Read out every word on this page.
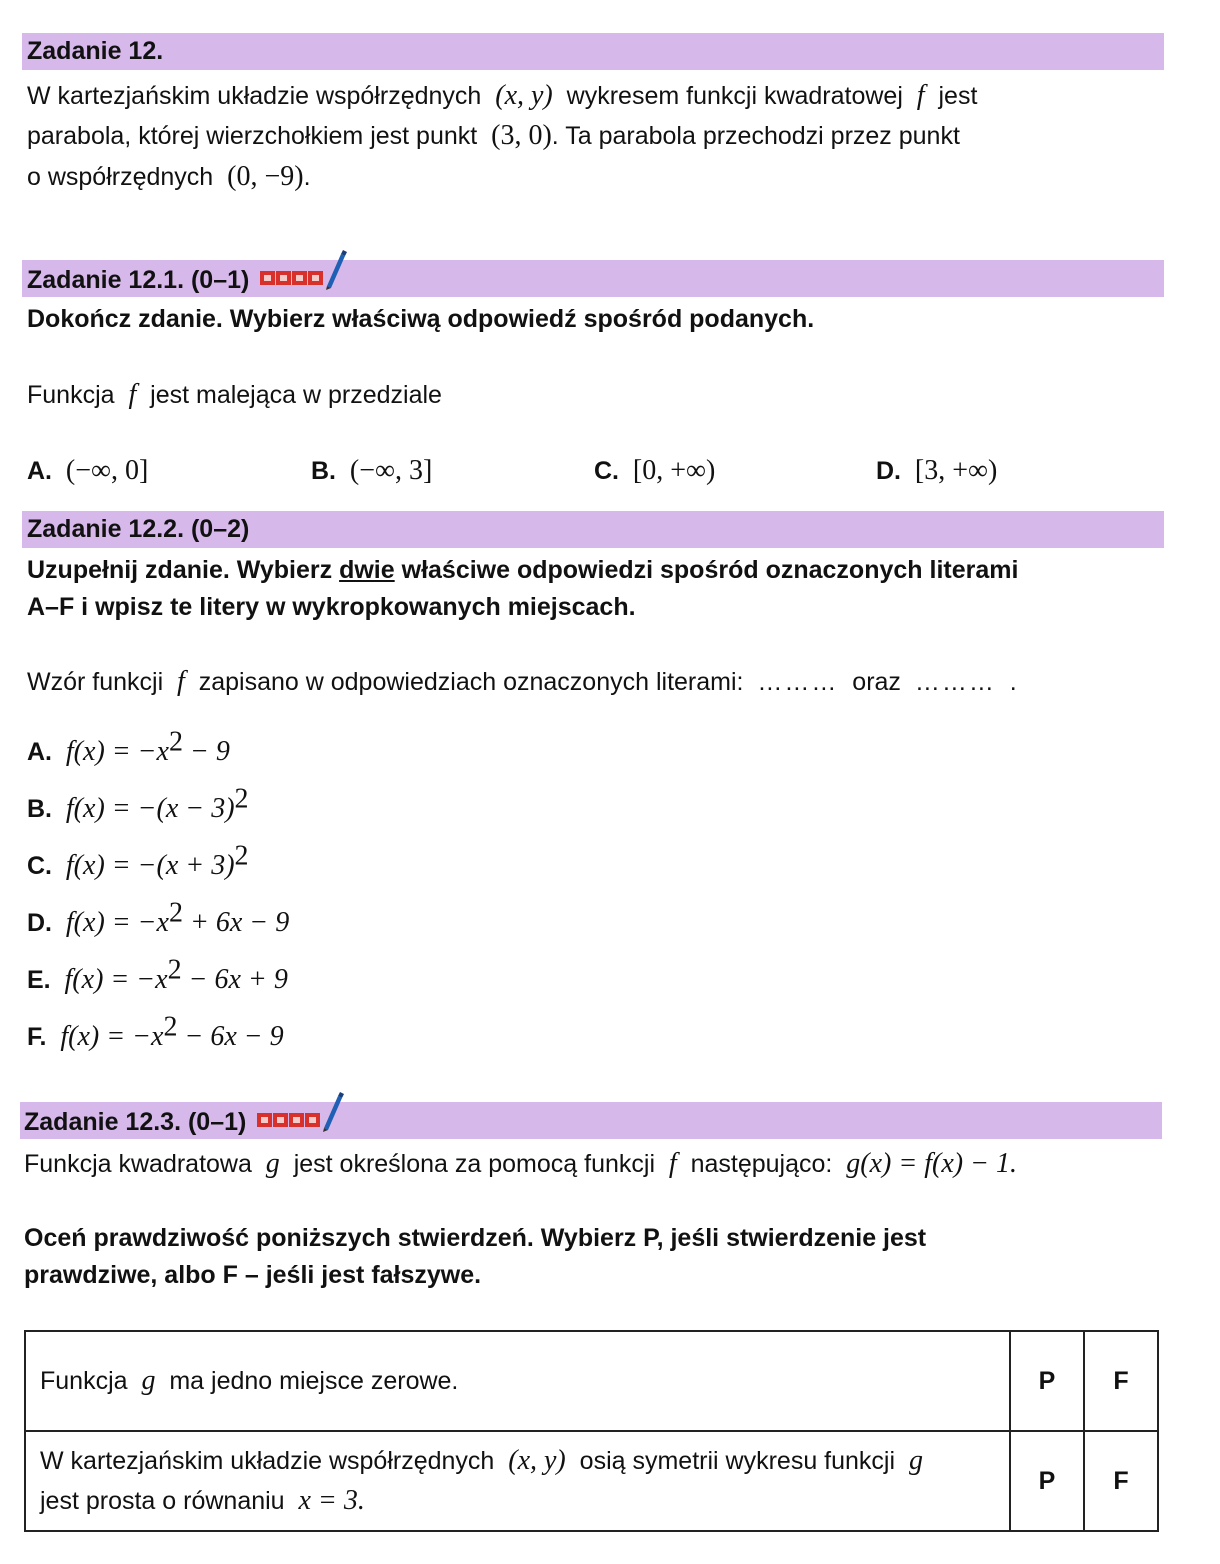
Zadanie 12.
W kartezjańskim układzie współrzędnych (x, y) wykresem funkcji kwadratowej f jest
parabola, której wierzchołkiem jest punkt (3, 0). Ta parabola przechodzi przez punkt
o współrzędnych (0, −9).
Zadanie 12.1. (0–1)
Dokończ zdanie. Wybierz właściwą odpowiedź spośród podanych.
Funkcja f jest malejąca w przedziale
A. (−∞, 0]	B. (−∞, 3]	C. [0, +∞)	D. [3, +∞)
Zadanie 12.2. (0–2)
Uzupełnij zdanie. Wybierz dwie właściwe odpowiedzi spośród oznaczonych literami
A–F i wpisz te litery w wykropkowanych miejscach.
Wzór funkcji f zapisano w odpowiedziach oznaczonych literami: ……… oraz ……… .
A. $f(x) = -x^2 - 9$
B. $f(x) = -(x - 3)^2$
C. $f(x) = -(x + 3)^2$
D. $f(x) = -x^2 + 6x - 9$
E. $f(x) = -x^2 - 6x + 9$
F. $f(x) = -x^2 - 6x - 9$
Zadanie 12.3. (0–1)
Funkcja kwadratowa g jest określona za pomocą funkcji f następująco: g(x) = f(x) − 1.
Oceń prawdziwość poniższych stwierdzeń. Wybierz P, jeśli stwierdzenie jest
prawdziwe, albo F – jeśli jest fałszywe.
Funkcja g ma jedno miejsce zerowe.	P	F

W kartezjańskim układzie współrzędnych (x, y) osią symetrii wykresu funkcji g
jest prosta o równaniu x = 3.	P	F
